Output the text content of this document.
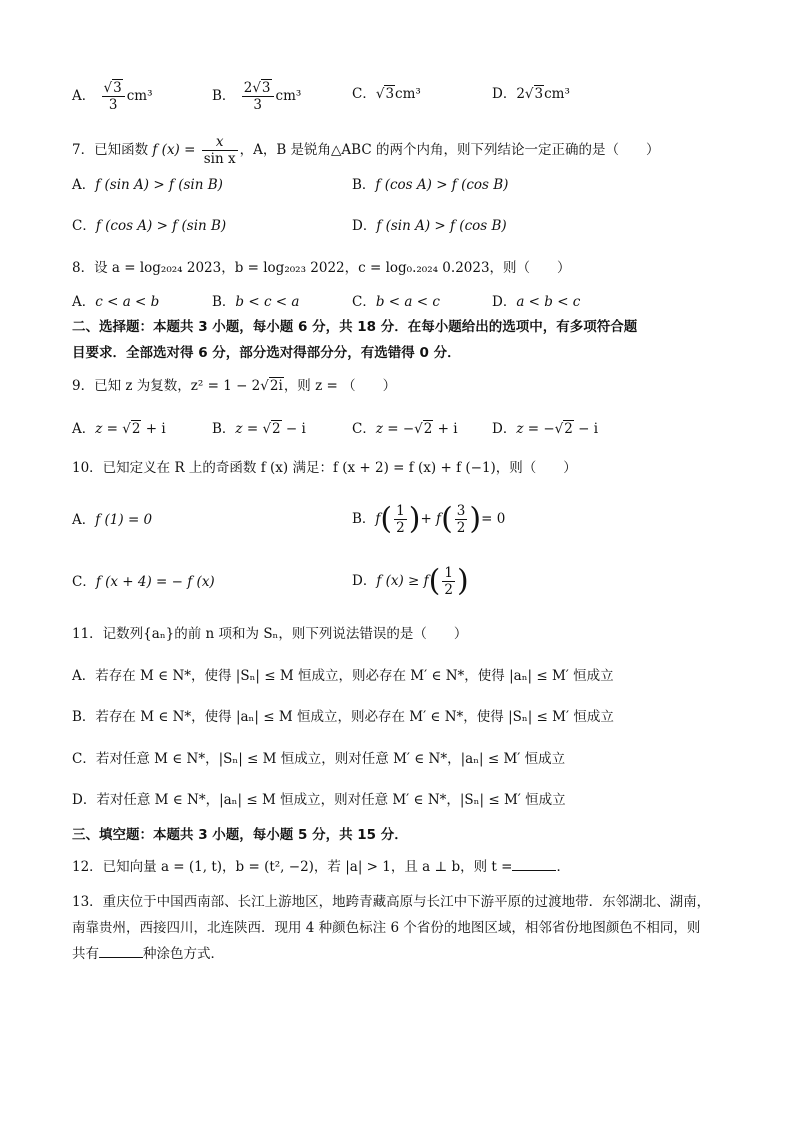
A． $\frac{√3}{3} cm^3$	B． $\frac{2√3}{3} cm^3$	C．√3cm³	D．2√3cm³
7．已知函数 f $(x) = \frac{x}{\text{sin x}}$ ，A，B 是锐角△ABC 的两个内角，则下列结论一定正确的是（　　）
A．f (sin A) > f (sin B)	B．f (cos A) > f (cos B)
C．f (cos A) > f (sin B)	D．f (sin A) > f (cos B)
8．设 a = log₂₀₂₄ 2023，b = log₂₀₂₃ 2022，c = log₀.₂₀₂₄ 0.2023，则（　　）
A．c < a < b	B．b < c < a	C．b < a < c	D．a < b < c
二、选择题：本题共 3 小题，每小题 6 分，共 18 分．在每小题给出的选项中，有多项符合题
目要求．全部选对得 6 分，部分选对得部分分，有选错得 0 分．
9．已知 z 为复数，z² = 1 − 2√2i，则 z = （　　）
A．z = √2 + i	B．z = √2 − i	C．z = −√2 + i	D．z = −√2 − i
10．已知定义在 R 上的奇函数 f (x) 满足：f (x + 2) = f (x) + f (−1)，则（　　）
A．f (1) = 0	B．$f( \frac{1}{2}$ )+ $f( \frac{3}{2}$ )= 0
C．f (x + 4) = − f (x)	D．f $(x) \ge f( \frac{1}{2}$ )
11．记数列{aₙ}的前 n 项和为 Sₙ，则下列说法错误的是（　　）
A．若存在 M ∈ N*，使得 |Sₙ| ≤ M 恒成立，则必存在 M′ ∈ N*，使得 |aₙ| ≤ M′ 恒成立
B．若存在 M ∈ N*，使得 |aₙ| ≤ M 恒成立，则必存在 M′ ∈ N*，使得 |Sₙ| ≤ M′ 恒成立
C．若对任意 M ∈ N*，|Sₙ| ≤ M 恒成立，则对任意 M′ ∈ N*，|aₙ| ≤ M′ 恒成立
D．若对任意 M ∈ N*，|aₙ| ≤ M 恒成立，则对任意 M′ ∈ N*，|Sₙ| ≤ M′ 恒成立
三、填空题：本题共 3 小题，每小题 5 分，共 15 分．
12．已知向量 a = (1, t)，b = (t², −2)，若 |a| > 1，且 a ⊥ b，则 t =	．
13．重庆位于中国西南部、长江上游地区，地跨青藏高原与长江中下游平原的过渡地带．东邻湖北、湖南，
南靠贵州，西接四川，北连陕西．现用 4 种颜色标注 6 个省份的地图区域，相邻省份地图颜色不相同，则
共有	种涂色方式．
